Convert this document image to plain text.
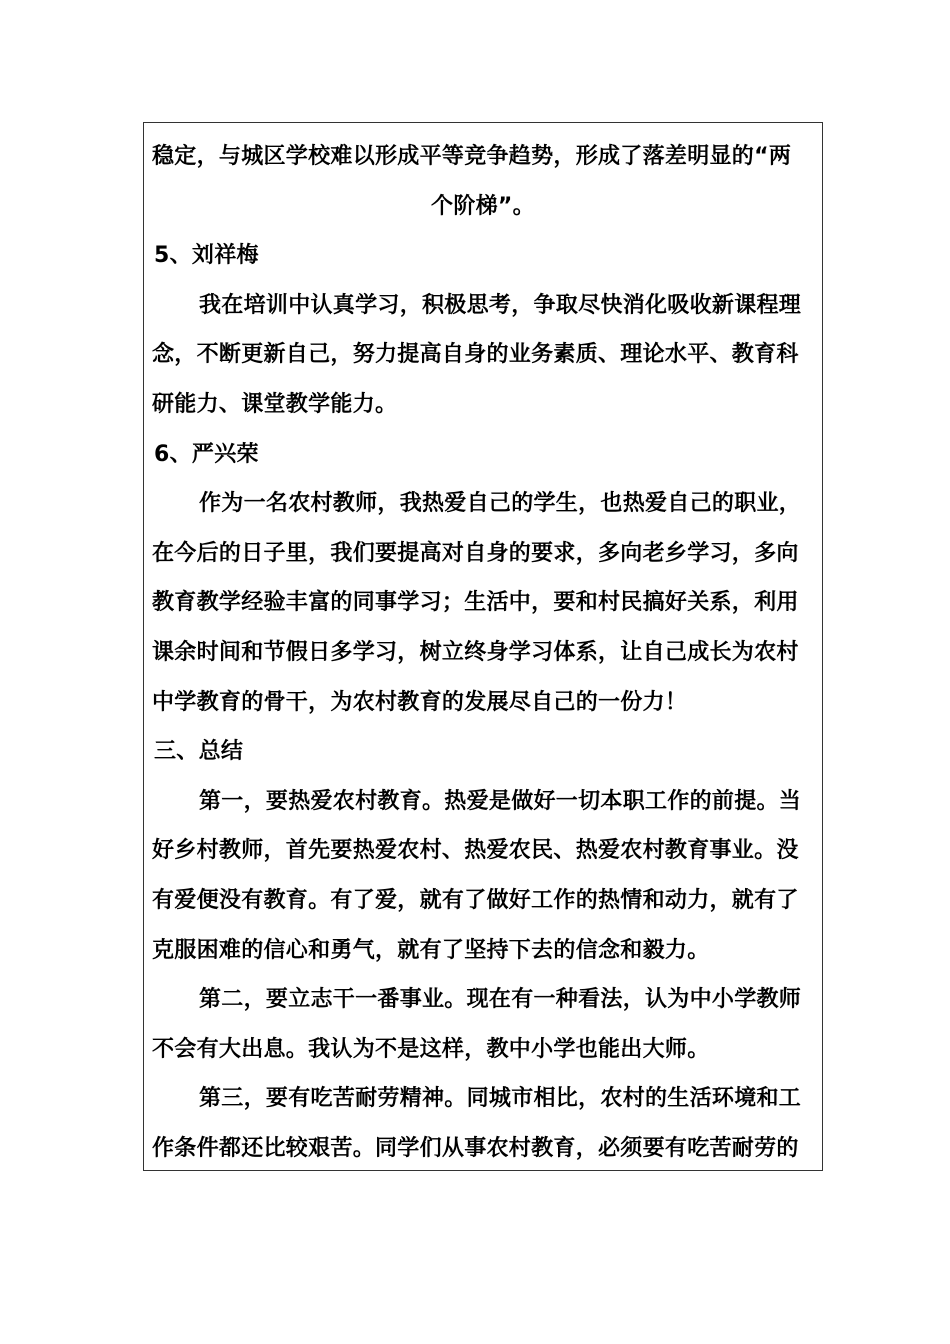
稳定，与城区学校难以形成平等竞争趋势，形成了落差明显的“两
个阶梯”。
5、刘祥梅
我在培训中认真学习，积极思考，争取尽快消化吸收新课程理
念，不断更新自己，努力提高自身的业务素质、理论水平、教育科
研能力、课堂教学能力。
6、严兴荣
作为一名农村教师，我热爱自己的学生，也热爱自己的职业，
在今后的日子里，我们要提高对自身的要求，多向老乡学习，多向
教育教学经验丰富的同事学习；生活中，要和村民搞好关系，利用
课余时间和节假日多学习，树立终身学习体系，让自己成长为农村
中学教育的骨干，为农村教育的发展尽自己的一份力！
三、总结
第一，要热爱农村教育。热爱是做好一切本职工作的前提。当
好乡村教师，首先要热爱农村、热爱农民、热爱农村教育事业。没
有爱便没有教育。有了爱，就有了做好工作的热情和动力，就有了
克服困难的信心和勇气，就有了坚持下去的信念和毅力。
第二，要立志干一番事业。现在有一种看法，认为中小学教师
不会有大出息。我认为不是这样，教中小学也能出大师。
第三，要有吃苦耐劳精神。同城市相比，农村的生活环境和工
作条件都还比较艰苦。同学们从事农村教育，必须要有吃苦耐劳的
